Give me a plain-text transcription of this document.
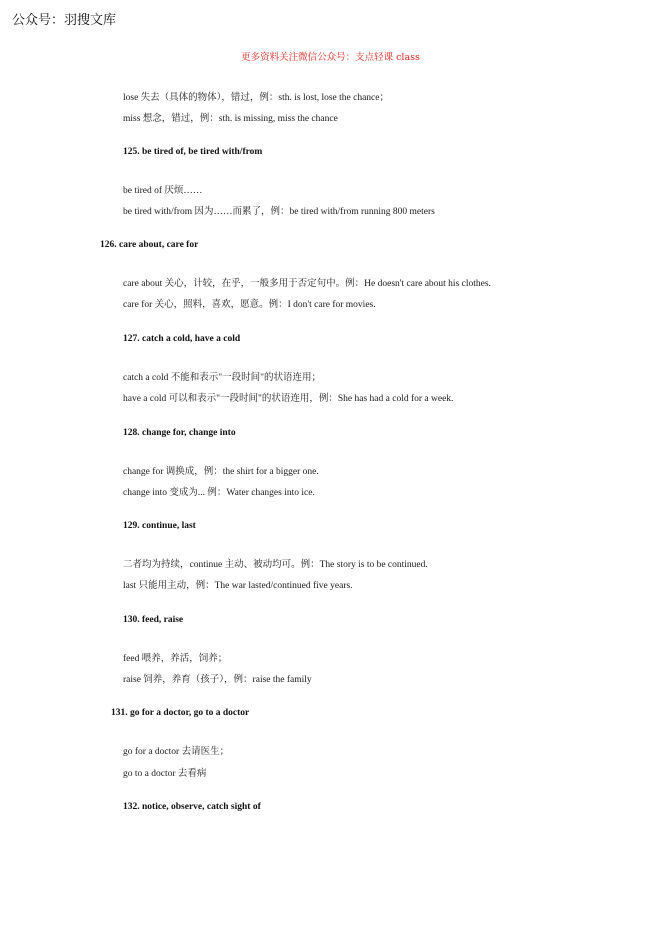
公众号：羽搜文库
更多资料关注微信公众号：支点轻课 class
lose 失去（具体的物体），错过，例：sth. is lost, lose the chance；
miss 想念，错过，例：sth. is missing, miss the chance
125. be tired of, be tired with/from
be tired of 厌烦……
be tired with/from 因为……而累了，例：be tired with/from running 800 meters
126. care about, care for
care about 关心，计较，在乎，一般多用于否定句中。例：He doesn't care about his clothes.
care for 关心，照料，喜欢，愿意。例：I don't care for movies.
127. catch a cold, have a cold
catch a cold 不能和表示"一段时间"的状语连用；
have a cold 可以和表示"一段时间"的状语连用，例：She has had a cold for a week.
128. change for, change into
change for 调换成，例：the shirt for a bigger one.
change into 变成为... 例：Water changes into ice.
129. continue, last
二者均为持续，continue 主动、被动均可。例：The story is to be continued.
last 只能用主动，例：The war lasted/continued five years.
130. feed, raise
feed 喂养，养活，饲养；
raise 饲养，养育（孩子），例：raise the family
131. go for a doctor, go to a doctor
go for a doctor 去请医生；
go to a doctor 去看病
132. notice, observe, catch sight of
